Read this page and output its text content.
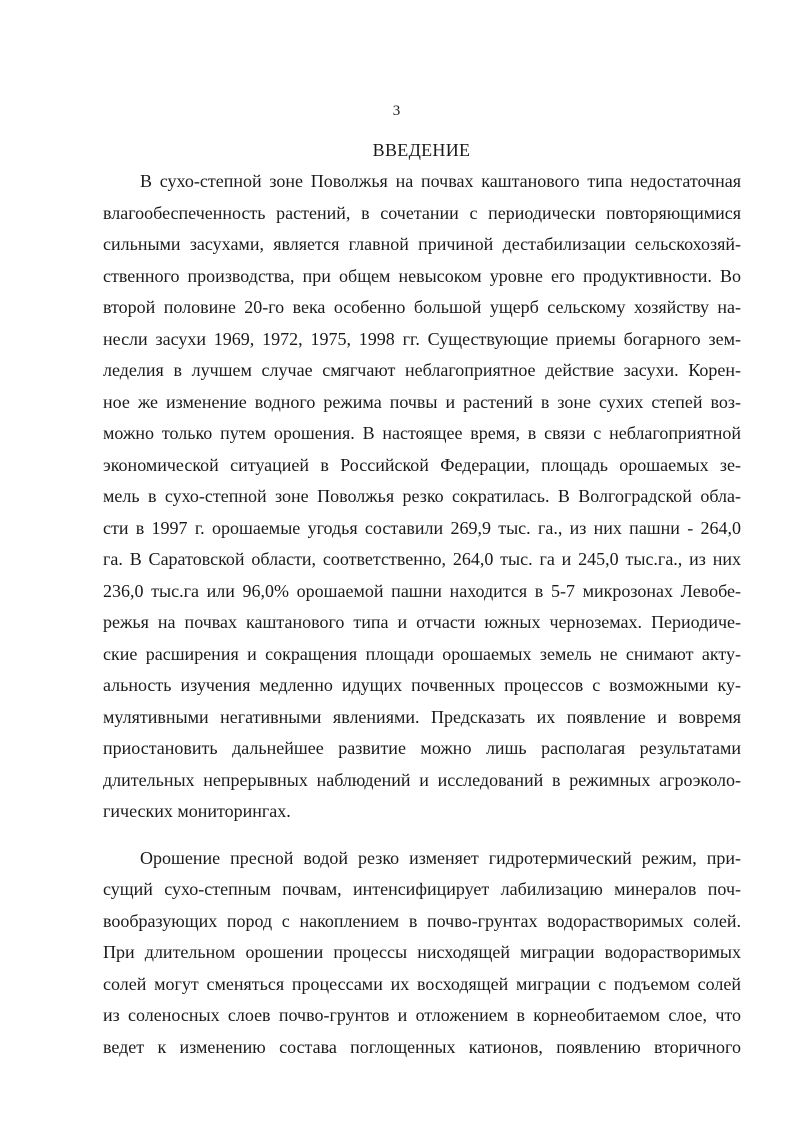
3
ВВЕДЕНИЕ
В сухо-степной зоне Поволжья на почвах каштанового типа недостаточная
влагообеспеченность растений, в сочетании с периодически повторяющимися
сильными засухами, является главной причиной дестабилизации сельскохозяй-
ственного производства, при общем невысоком уровне его продуктивности. Во
второй половине 20-го века особенно большой ущерб сельскому хозяйству на-
несли засухи 1969, 1972, 1975, 1998 гг. Существующие приемы богарного зем-
леделия в лучшем случае смягчают неблагоприятное действие засухи. Корен-
ное же изменение водного режима почвы и растений в зоне сухих степей воз-
можно только путем орошения. В настоящее время, в связи с неблагоприятной
экономической ситуацией в Российской Федерации, площадь орошаемых зе-
мель в сухо-степной зоне Поволжья резко сократилась. В Волгоградской обла-
сти в 1997 г. орошаемые угодья составили 269,9 тыс. га., из них пашни - 264,0
га. В Саратовской области, соответственно, 264,0 тыс. га и 245,0 тыс.га., из них
236,0 тыс.га или 96,0% орошаемой пашни находится в 5-7 микрозонах Левобе-
режья на почвах каштанового типа и отчасти южных черноземах. Периодиче-
ские расширения и сокращения площади орошаемых земель не снимают акту-
альность изучения медленно идущих почвенных процессов с возможными ку-
мулятивными негативными явлениями. Предсказать их появление и вовремя
приостановить дальнейшее развитие можно лишь располагая результатами
длительных непрерывных наблюдений и исследований в режимных агроэколо-
гических мониторингах.
Орошение пресной водой резко изменяет гидротермический режим, при-
сущий сухо-степным почвам, интенсифицирует лабилизацию минералов поч-
вообразующих пород с накоплением в почво-грунтах водорастворимых солей.
При длительном орошении процессы нисходящей миграции водорастворимых
солей могут сменяться процессами их восходящей миграции с подъемом солей
из соленосных слоев почво-грунтов и отложением в корнеобитаемом слое, что
ведет к изменению состава поглощенных катионов, появлению вторичного
